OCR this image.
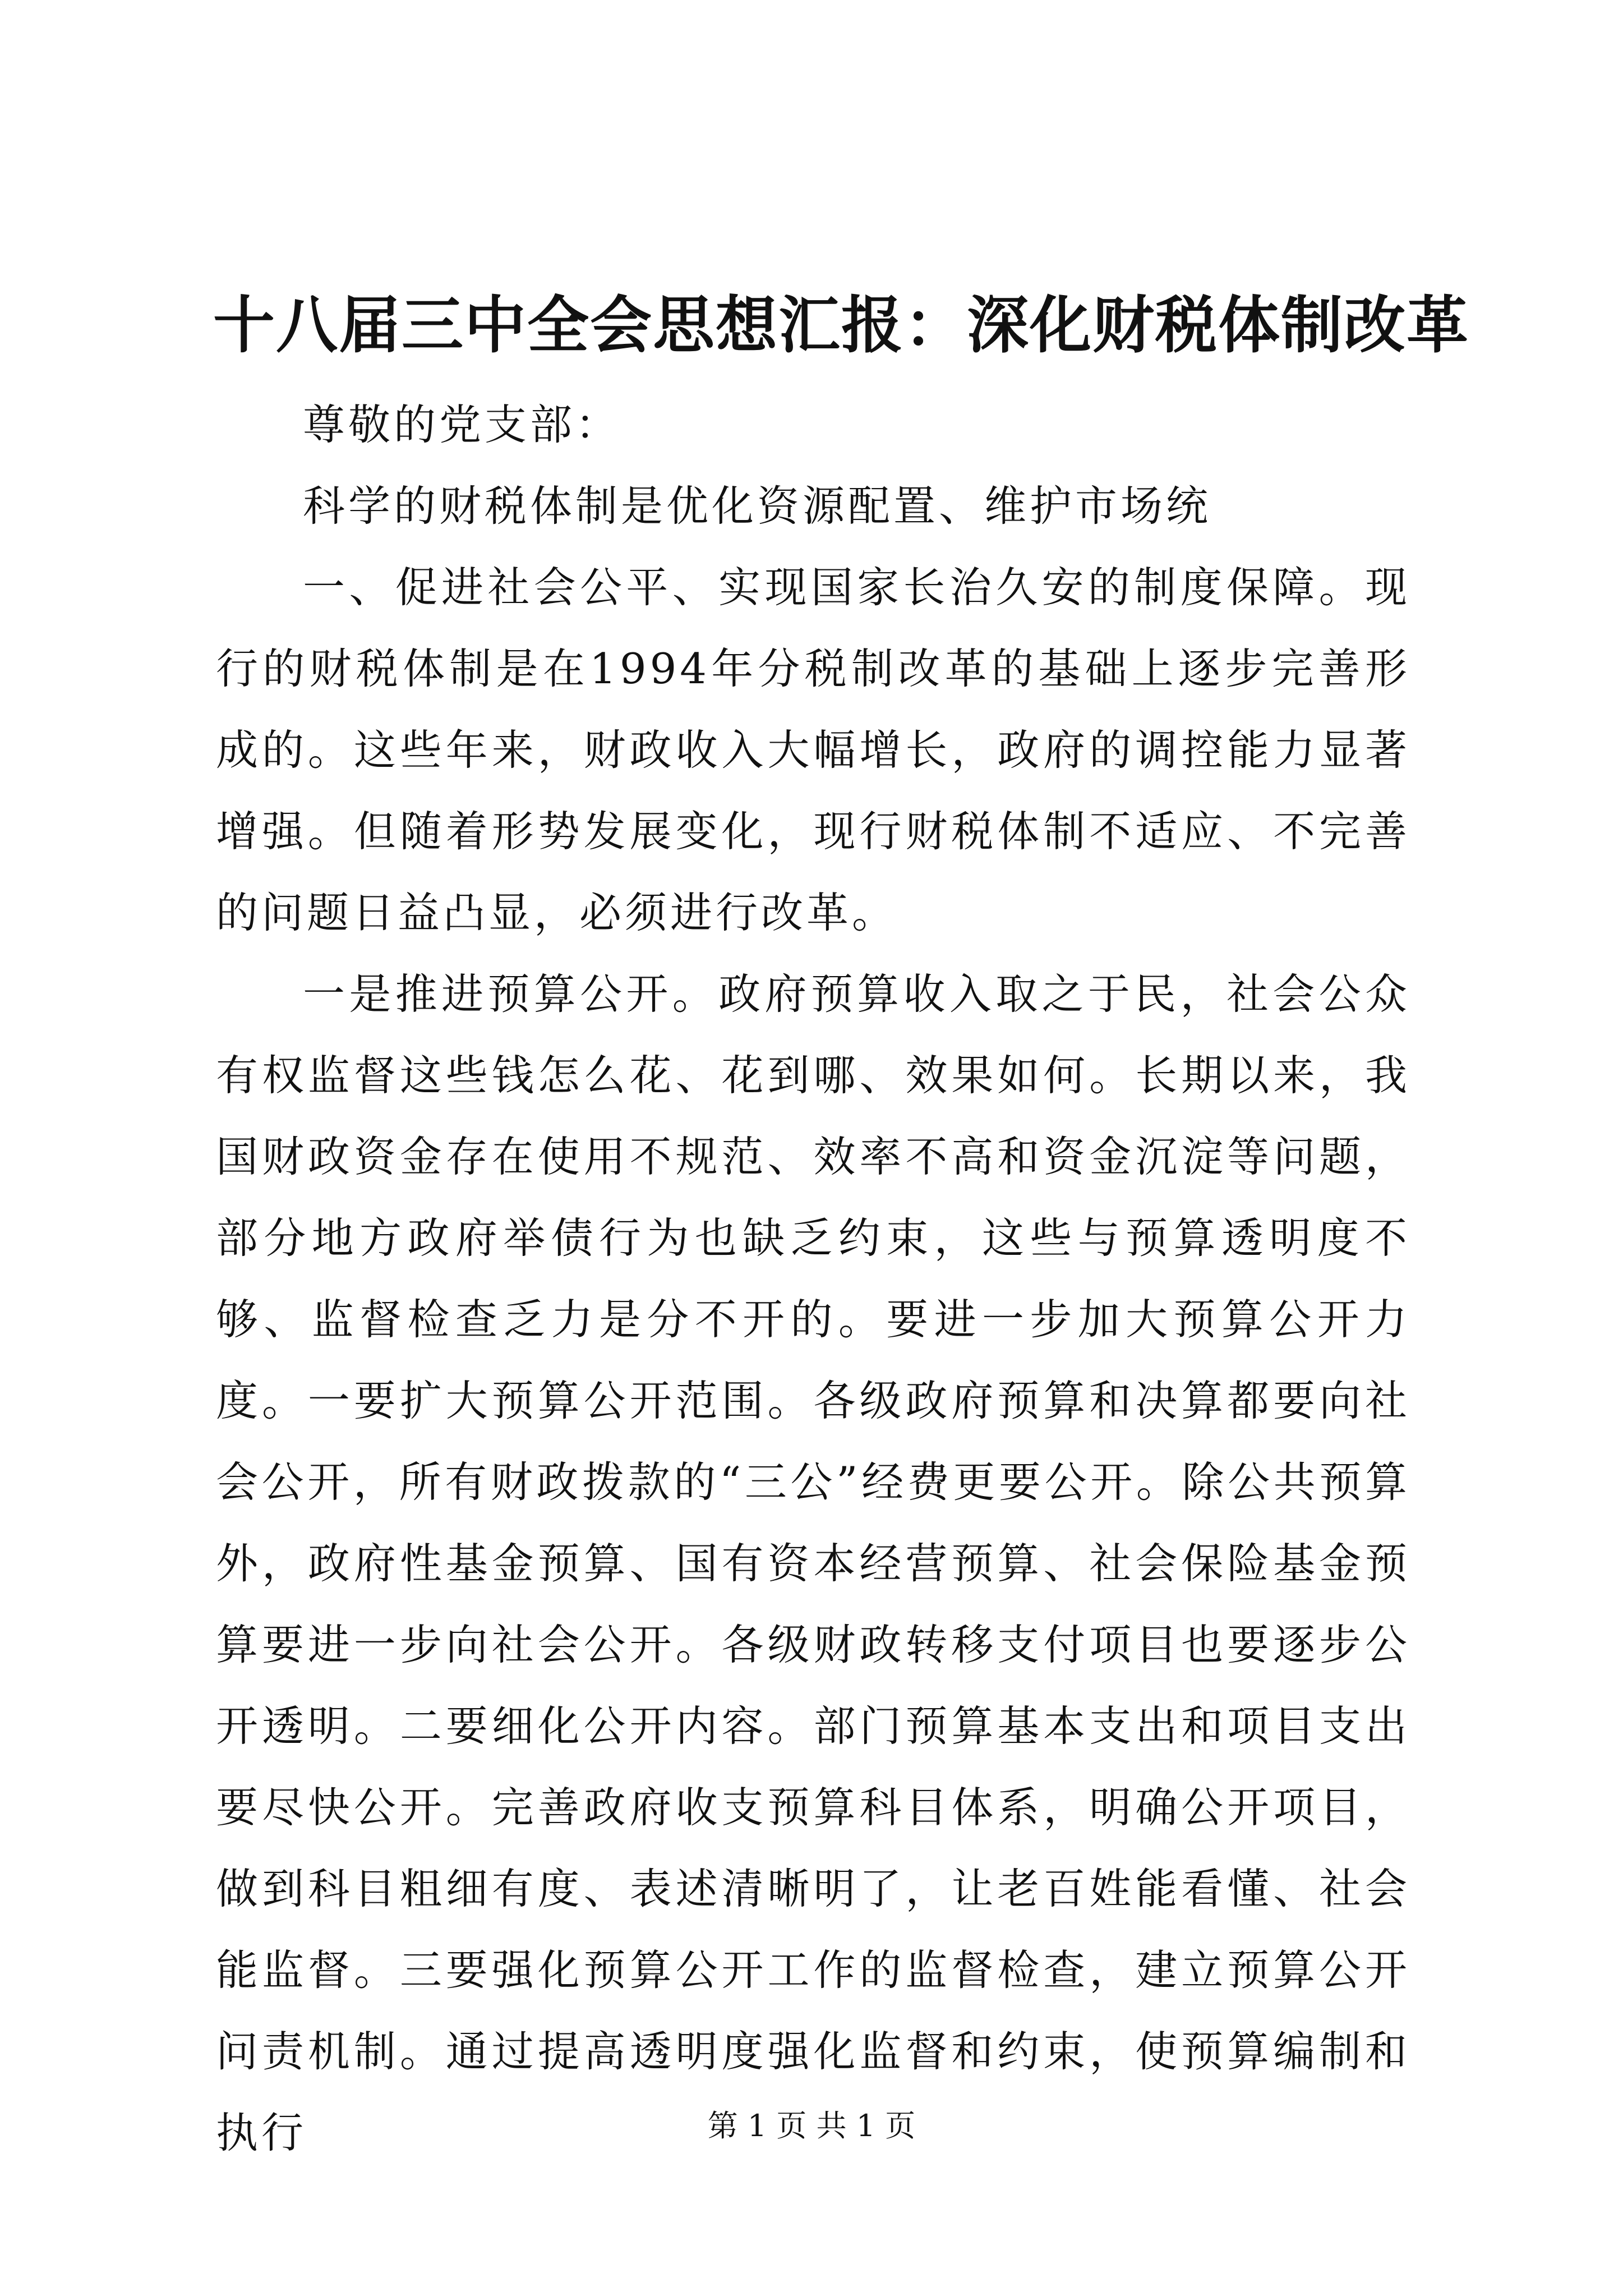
十八届三中全会思想汇报：深化财税体制改革

尊敬的党支部：

科学的财税体制是优化资源配置、维护市场统

一、促进社会公平、实现国家长治久安的制度保障。现行的财税体制是在1994年分税制改革的基础上逐步完善形成的。这些年来，财政收入大幅增长，政府的调控能力显著增强。但随着形势发展变化，现行财税体制不适应、不完善的问题日益凸显，必须进行改革。

一是推进预算公开。政府预算收入取之于民，社会公众有权监督这些钱怎么花、花到哪、效果如何。长期以来，我国财政资金存在使用不规范、效率不高和资金沉淀等问题，部分地方政府举债行为也缺乏约束，这些与预算透明度不够、监督检查乏力是分不开的。要进一步加大预算公开力度。一要扩大预算公开范围。各级政府预算和决算都要向社会公开，所有财政拨款的“三公”经费更要公开。除公共预算外，政府性基金预算、国有资本经营预算、社会保险基金预算要进一步向社会公开。各级财政转移支付项目也要逐步公开透明。二要细化公开内容。部门预算基本支出和项目支出要尽快公开。完善政府收支预算科目体系，明确公开项目，做到科目粗细有度、表述清晰明了，让老百姓能看懂、社会能监督。三要强化预算公开工作的监督检查，建立预算公开问责机制。通过提高透明度强化监督和约束，使预算编制和执行	第 1 页 共 1 页
